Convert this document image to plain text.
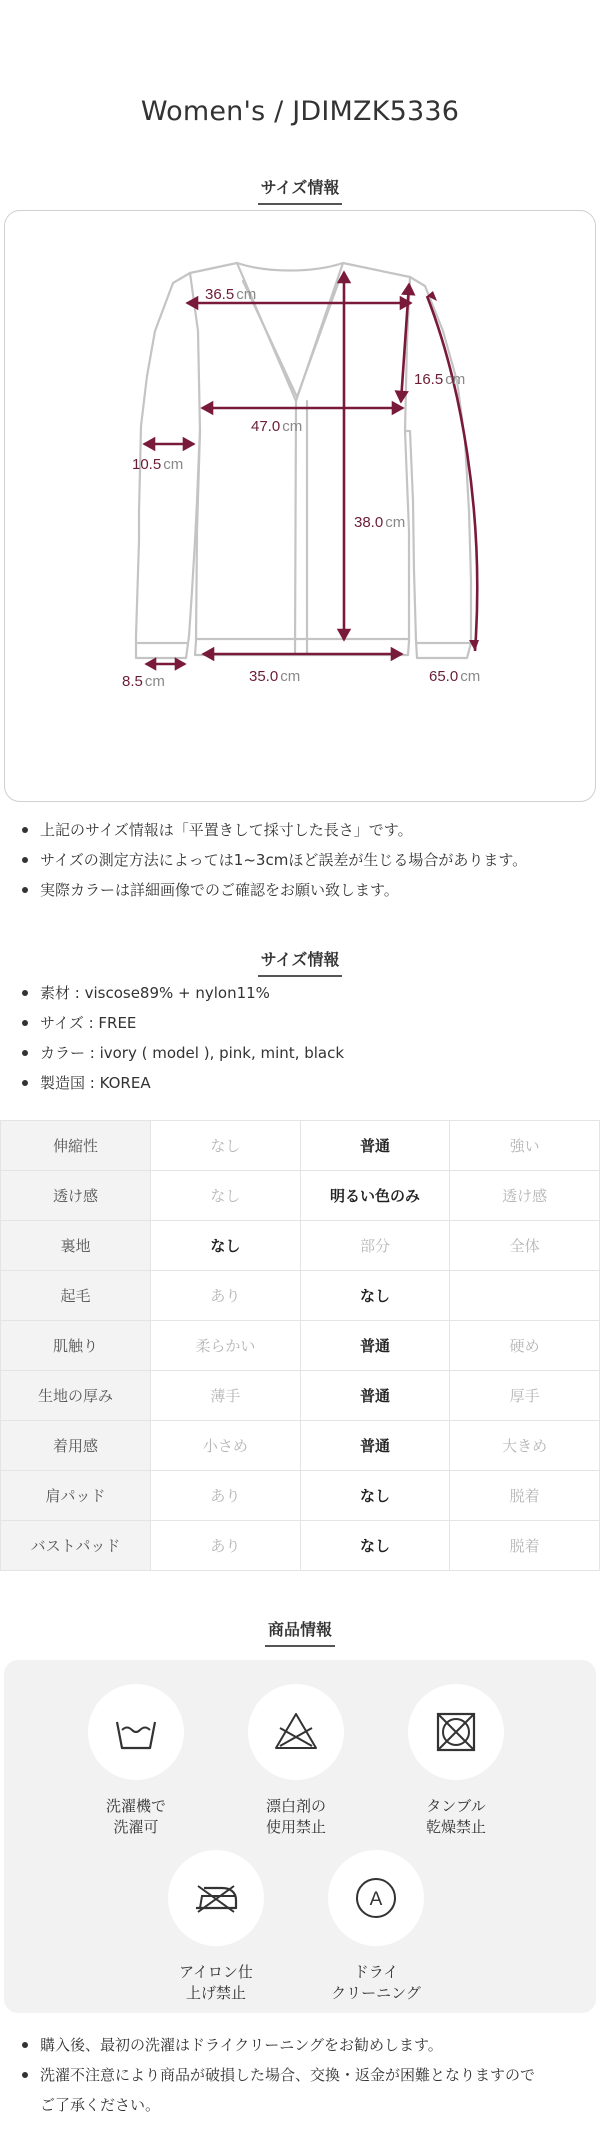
Women's / JDIMZK5336
サイズ情報
36.5 cm
16.5 cm
47.0 cm
10.5 cm
38.0 cm
8.5 cm	35.0 cm	65.0 cm
上記のサイズ情報は「平置きして採寸した長さ」です。
サイズの測定方法によっては1~3cmほど誤差が生じる場合があります。
実際カラーは詳細画像でのご確認をお願い致します。
サイズ情報
素材 : viscose89% + nylon11%
サイズ : FREE
カラー : ivory ( model ), pink, mint, black
製造国 : KOREA
伸縮性	なし	普通	強い
透け感	なし	明るい色のみ	透け感
裏地	なし	部分	全体
起毛	あり	なし	
肌触り	柔らかい	普通	硬め
生地の厚み	薄手	普通	厚手
着用感	小さめ	普通	大きめ
肩パッド	あり	なし	脱着
バストパッド	あり	なし	脱着
商品情報
洗濯機で
洗濯可
漂白剤の
使用禁止
タンブル
乾燥禁止
アイロン仕
上げ禁止
A
ドライ
クリーニング
購入後、最初の洗濯はドライクリーニングをお勧めします。
洗濯不注意により商品が破損した場合、交換・返金が困難となりますので
ご了承ください。
